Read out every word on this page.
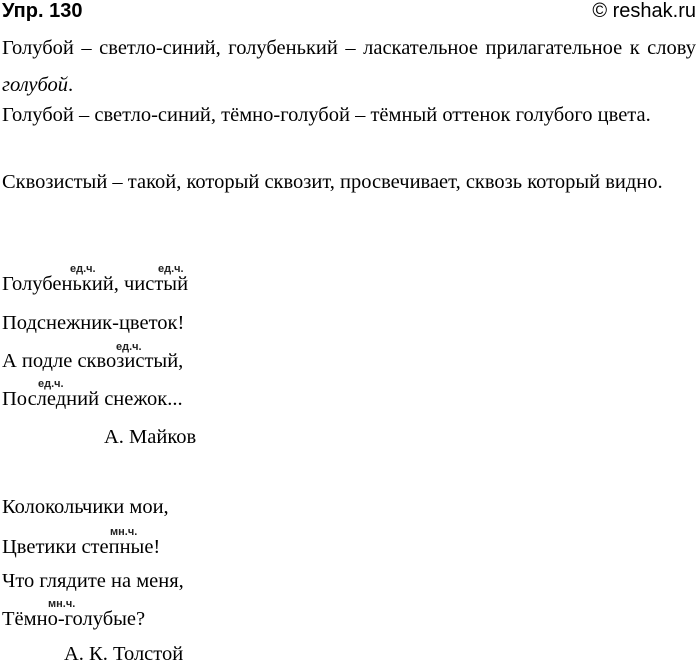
Упр. 130	© reshak.ru
Голубой – светло-синий, голубенький – ласкательное прилагательное к слову голубой.
Голубой – светло-синий, тёмно-голубой – тёмный оттенок голубого цвета.
Сквозистый – такой, который сквозит, просвечивает, сквозь который видно.
ед.ч.	ед.ч.
Голубенький, чистый
Подснежник-цветок!
ед.ч.
А подле сквозистый,
ед.ч.
Последний снежок...
А. Майков
Колокольчики мои,
мн.ч.
Цветики степные!
Что глядите на меня,
мн.ч.
Тёмно-голубые?
А. К. Толстой
